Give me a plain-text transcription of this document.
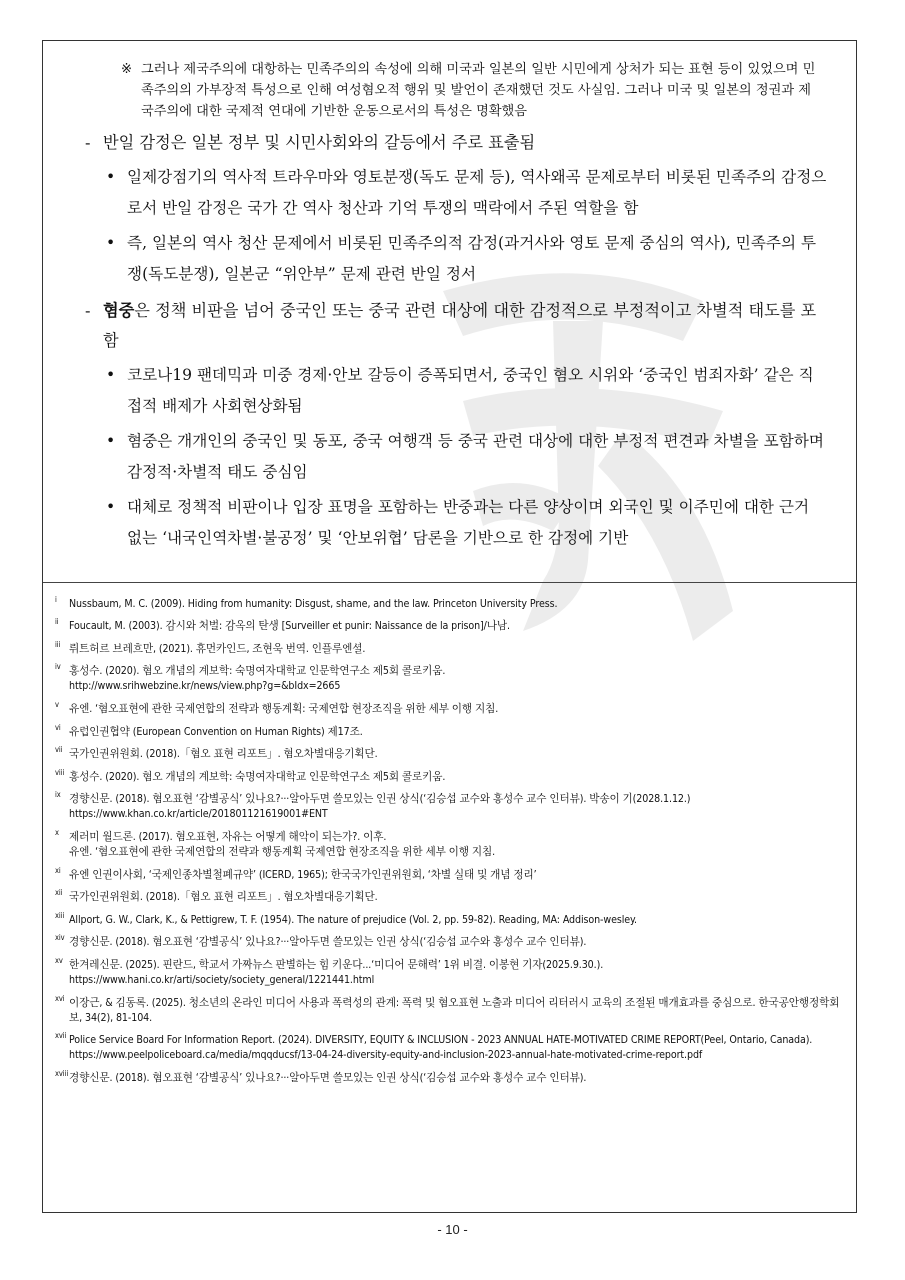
※ 그러나 제국주의에 대항하는 민족주의의 속성에 의해 미국과 일본의 일반 시민에게 상처가 되는 표현 등이 있었으며 민족주의의 가부장적 특성으로 인해 여성혐오적 행위 및 발언이 존재했던 것도 사실임. 그러나 미국 및 일본의 정권과 제국주의에 대한 국제적 연대에 기반한 운동으로서의 특성은 명확했음
- 반일 감정은 일본 정부 및 시민사회와의 갈등에서 주로 표출됨
• 일제강점기의 역사적 트라우마와 영토분쟁(독도 문제 등), 역사왜곡 문제로부터 비롯된 민족주의 감정으로서 반일 감정은 국가 간 역사 청산과 기억 투쟁의 맥락에서 주된 역할을 함
• 즉, 일본의 역사 청산 문제에서 비롯된 민족주의적 감정(과거사와 영토 문제 중심의 역사), 민족주의 투쟁(독도분쟁), 일본군 “위안부” 문제 관련 반일 정서
- 혐중은 정책 비판을 넘어 중국인 또는 중국 관련 대상에 대한 감정적으로 부정적이고 차별적 태도를 포함
• 코로나19 팬데믹과 미중 경제·안보 갈등이 증폭되면서, 중국인 혐오 시위와 ‘중국인 범죄자화’ 같은 직접적 배제가 사회현상화됨
• 혐중은 개개인의 중국인 및 동포, 중국 여행객 등 중국 관련 대상에 대한 부정적 편견과 차별을 포함하며 감정적·차별적 태도 중심임
• 대체로 정책적 비판이나 입장 표명을 포함하는 반중과는 다른 양상이며 외국인 및 이주민에 대한 근거 없는 ‘내국인역차별·불공정’ 및 ‘안보위협’ 담론을 기반으로 한 감정에 기반
i Nussbaum, M. C. (2009). Hiding from humanity: Disgust, shame, and the law. Princeton University Press.
ii Foucault, M. (2003). 감시와 처벌: 감옥의 탄생 [Surveiller et punir: Naissance de la prison]/나남.
iii 뤼트허르 브레흐만, (2021). 휴먼카인드, 조현욱 번역. 인플루엔셜.
iv 홍성수. (2020). 혐오 개념의 계보학: 숙명여자대학교 인문학연구소 제5회 콜로키움.
http://www.srihwebzine.kr/news/view.php?g=&bIdx=2665
v 유엔. ‘혐오표현에 관한 국제연합의 전략과 행동계획: 국제연합 현장조직을 위한 세부 이행 지침.
vi 유럽인권협약 (European Convention on Human Rights) 제17조.
vii 국가인권위원회. (2018).「혐오 표현 리포트」. 혐오차별대응기획단.
viii 홍성수. (2020). 혐오 개념의 계보학: 숙명여자대학교 인문학연구소 제5회 콜로키움.
ix 경향신문. (2018). 혐오표현 ‘감별공식’ 있나요?···알아두면 쓸모있는 인권 상식(‘김승섭 교수와 홍성수 교수 인터뷰). 박송이 기(2028.1.12.)
https://www.khan.co.kr/article/201801121619001#ENT
x 제러미 월드론. (2017). 혐오표현, 자유는 어떻게 해악이 되는가?. 이후.
유엔. ‘혐오표현에 관한 국제연합의 전략과 행동계획 국제연합 현장조직을 위한 세부 이행 지침.
xi 유엔 인권이사회, ‘국제인종차별철폐규약’ (ICERD, 1965); 한국국가인권위원회, ‘차별 실태 및 개념 정리’
xii 국가인권위원회. (2018).「혐오 표현 리포트」. 혐오차별대응기획단.
xiii Allport, G. W., Clark, K., & Pettigrew, T. F. (1954). The nature of prejudice (Vol. 2, pp. 59-82). Reading, MA: Addison-wesley.
xiv 경향신문. (2018). 혐오표현 ‘감별공식’ 있나요?···알아두면 쓸모있는 인권 상식(‘김승섭 교수와 홍성수 교수 인터뷰).
xv 한겨레신문. (2025). 핀란드, 학교서 가짜뉴스 판별하는 힘 키운다...‘미디어 문해력’ 1위 비결. 이봉현 기자(2025.9.30.).
https://www.hani.co.kr/arti/society/society_general/1221441.html
xvi 이장근, & 김동록. (2025). 청소년의 온라인 미디어 사용과 폭력성의 관계: 폭력 및 혐오표현 노출과 미디어 리터러시 교육의 조절된 매개효과를 중심으로. 한국공안행정학회보, 34(2), 81-104.
xvii Police Service Board For Information Report. (2024). DIVERSITY, EQUITY & INCLUSION - 2023 ANNUAL HATE-MOTIVATED CRIME REPORT(Peel, Ontario, Canada).
https://www.peelpoliceboard.ca/media/mqqducsf/13-04-24-diversity-equity-and-inclusion-2023-annual-hate-motivated-crime-report.pdf
xviii 경향신문. (2018). 혐오표현 ‘감별공식’ 있나요?···알아두면 쓸모있는 인권 상식(‘김승섭 교수와 홍성수 교수 인터뷰).
- 10 -
